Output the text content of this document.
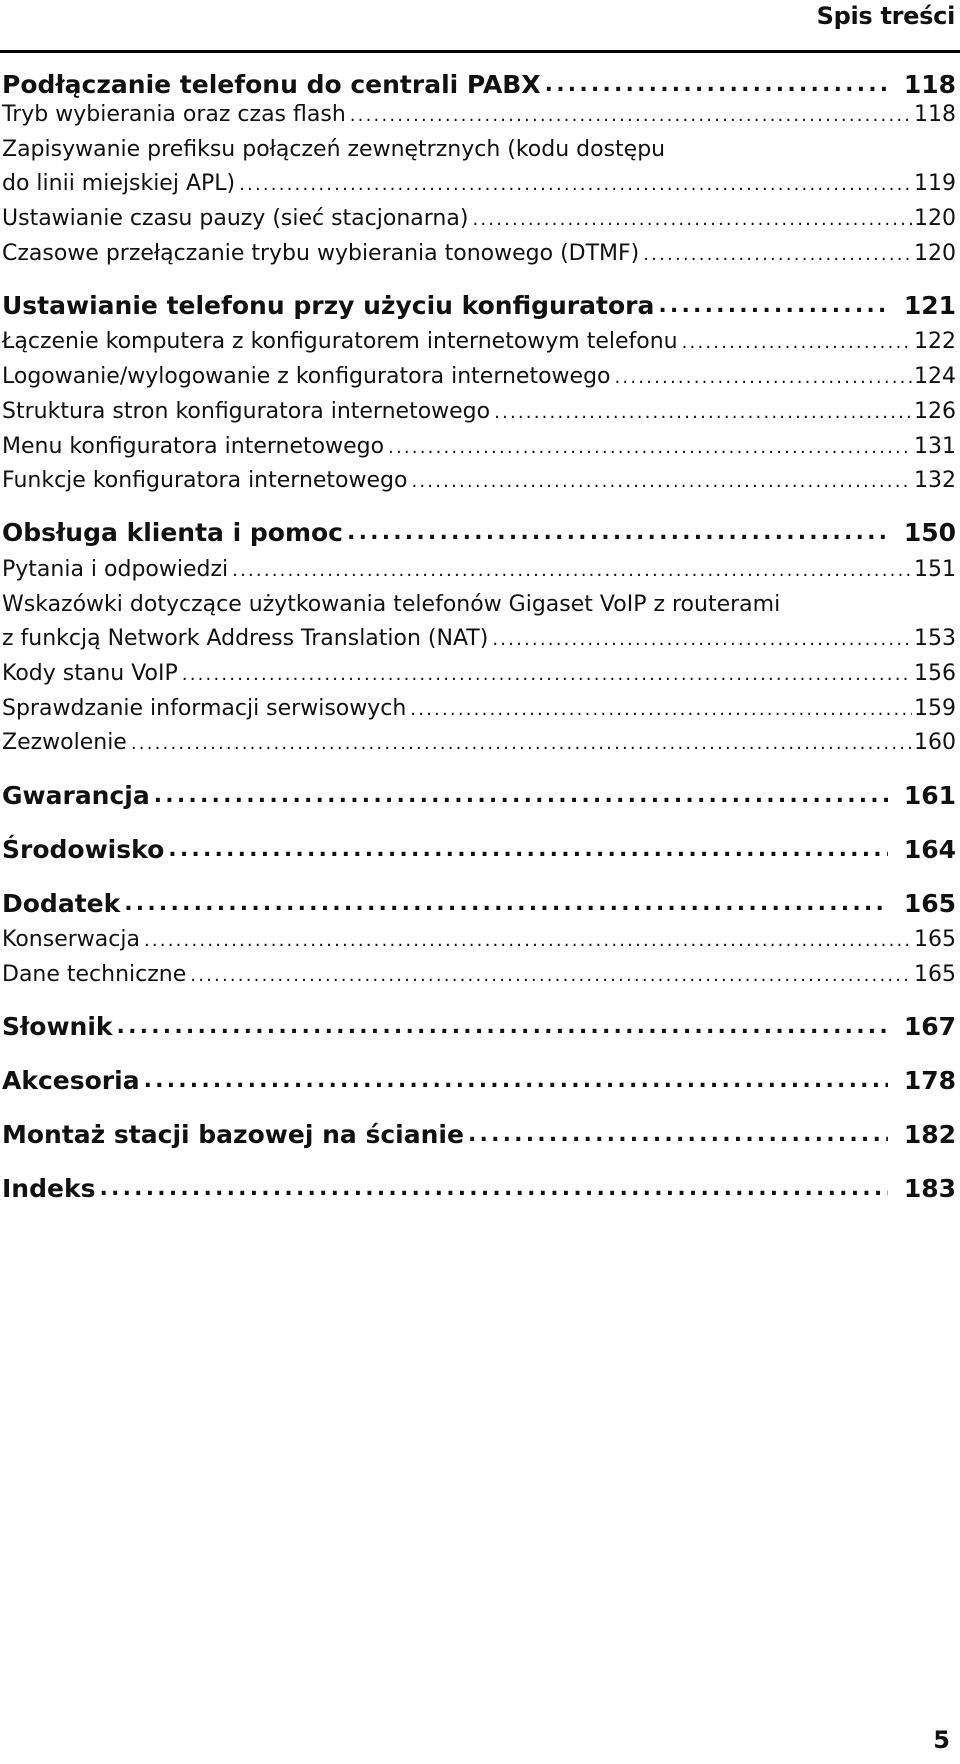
Spis treści
Podłączanie telefonu do centrali PABX .....	118
Tryb wybierania oraz czas flash .....	118
Zapisywanie prefiksu połączeń zewnętrznych (kodu dostępu
do linii miejskiej APL) .....	119
Ustawianie czasu pauzy (sieć stacjonarna) .....	120
Czasowe przełączanie trybu wybierania tonowego (DTMF) .....	120
Ustawianie telefonu przy użyciu konfiguratora .....	121
Łączenie komputera z konfiguratorem internetowym telefonu .....	122
Logowanie/wylogowanie z konfiguratora internetowego .....	124
Struktura stron konfiguratora internetowego .....	126
Menu konfiguratora internetowego .....	131
Funkcje konfiguratora internetowego .....	132
Obsługa klienta i pomoc .....	150
Pytania i odpowiedzi .....	151
Wskazówki dotyczące użytkowania telefonów Gigaset VoIP z routerami
z funkcją Network Address Translation (NAT) .....	153
Kody stanu VoIP .....	156
Sprawdzanie informacji serwisowych .....	159
Zezwolenie .....	160
Gwarancja .....	161
Środowisko .....	164
Dodatek .....	165
Konserwacja .....	165
Dane techniczne .....	165
Słownik .....	167
Akcesoria .....	178
Montaż stacji bazowej na ścianie .....	182
Indeks .....	183
5
